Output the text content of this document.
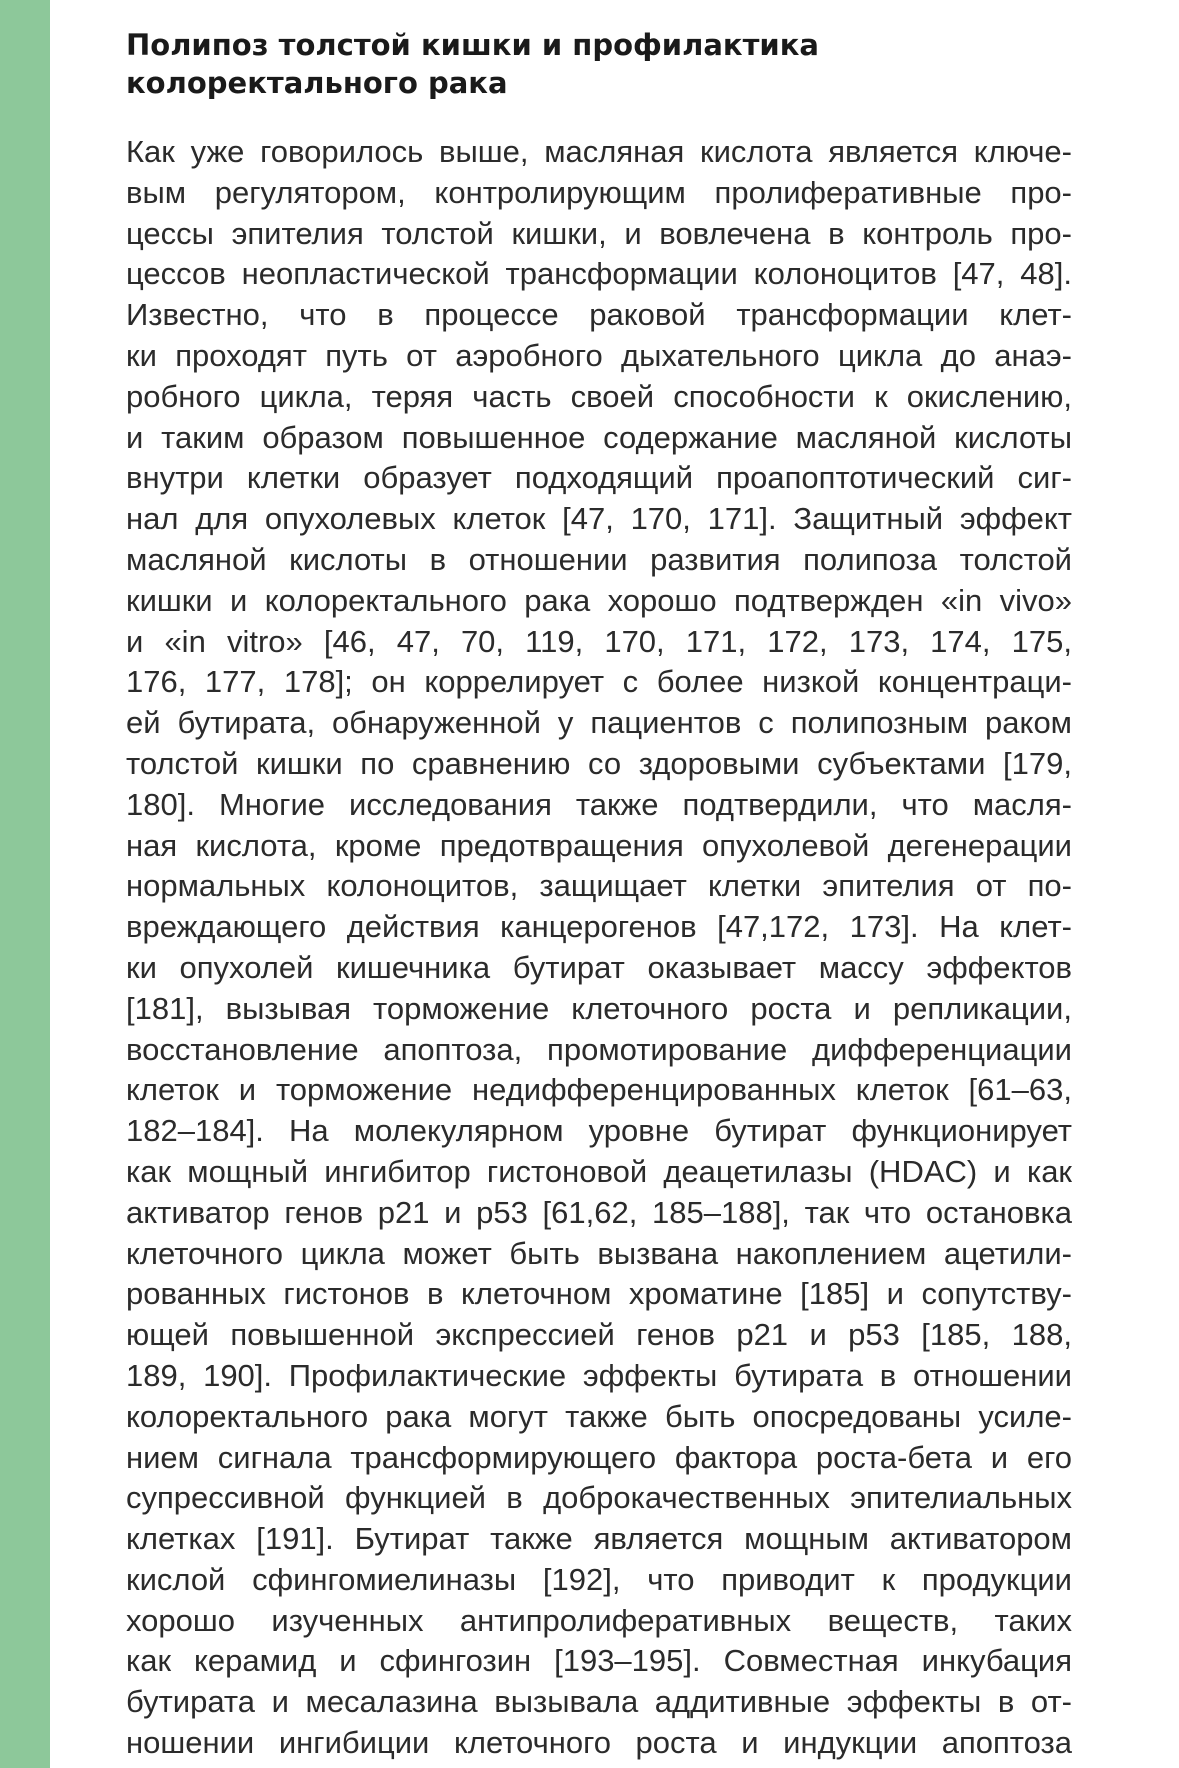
Полипоз толстой кишки и профилактика
колоректального рака
Как уже говорилось выше, масляная кислота является ключе-
вым регулятором, контролирующим пролиферативные про-
цессы эпителия толстой кишки, и вовлечена в контроль про-
цессов неопластической трансформации колоноцитов [47, 48].
Известно, что в процессе раковой трансформации клет-
ки проходят путь от аэробного дыхательного цикла до анаэ-
робного цикла, теряя часть своей способности к окислению,
и таким образом повышенное содержание масляной кислоты
внутри клетки образует подходящий проапоптотический сиг-
нал для опухолевых клеток [47, 170, 171]. Защитный эффект
масляной кислоты в отношении развития полипоза толстой
кишки и колоректального рака хорошо подтвержден «in vivo»
и «in vitro» [46, 47, 70, 119, 170, 171, 172, 173, 174, 175,
176, 177, 178]; он коррелирует с более низкой концентраци-
ей бутирата, обнаруженной у пациентов с полипозным раком
толстой кишки по сравнению со здоровыми субъектами [179,
180]. Многие исследования также подтвердили, что масля-
ная кислота, кроме предотвращения опухолевой дегенерации
нормальных колоноцитов, защищает клетки эпителия от по-
вреждающего действия канцерогенов [47,172, 173]. На клет-
ки опухолей кишечника бутират оказывает массу эффектов
[181], вызывая торможение клеточного роста и репликации,
восстановление апоптоза, промотирование дифференциации
клеток и торможение недифференцированных клеток [61–63,
182–184]. На молекулярном уровне бутират функционирует
как мощный ингибитор гистоновой деацетилазы (HDAC) и как
активатор генов p21 и p53 [61,62, 185–188], так что остановка
клеточного цикла может быть вызвана накоплением ацетили-
рованных гистонов в клеточном хроматине [185] и сопутству-
ющей повышенной экспрессией генов p21 и p53 [185, 188,
189, 190]. Профилактические эффекты бутирата в отношении
колоректального рака могут также быть опосредованы усиле-
нием сигнала трансформирующего фактора роста-бета и его
супрессивной функцией в доброкачественных эпителиальных
клетках [191]. Бутират также является мощным активатором
кислой сфингомиелиназы [192], что приводит к продукции
хорошо изученных антипролиферативных веществ, таких
как керамид и сфингозин [193–195]. Совместная инкубация
бутирата и месалазина вызывала аддитивные эффекты в от-
ношении ингибиции клеточного роста и индукции апоптоза
